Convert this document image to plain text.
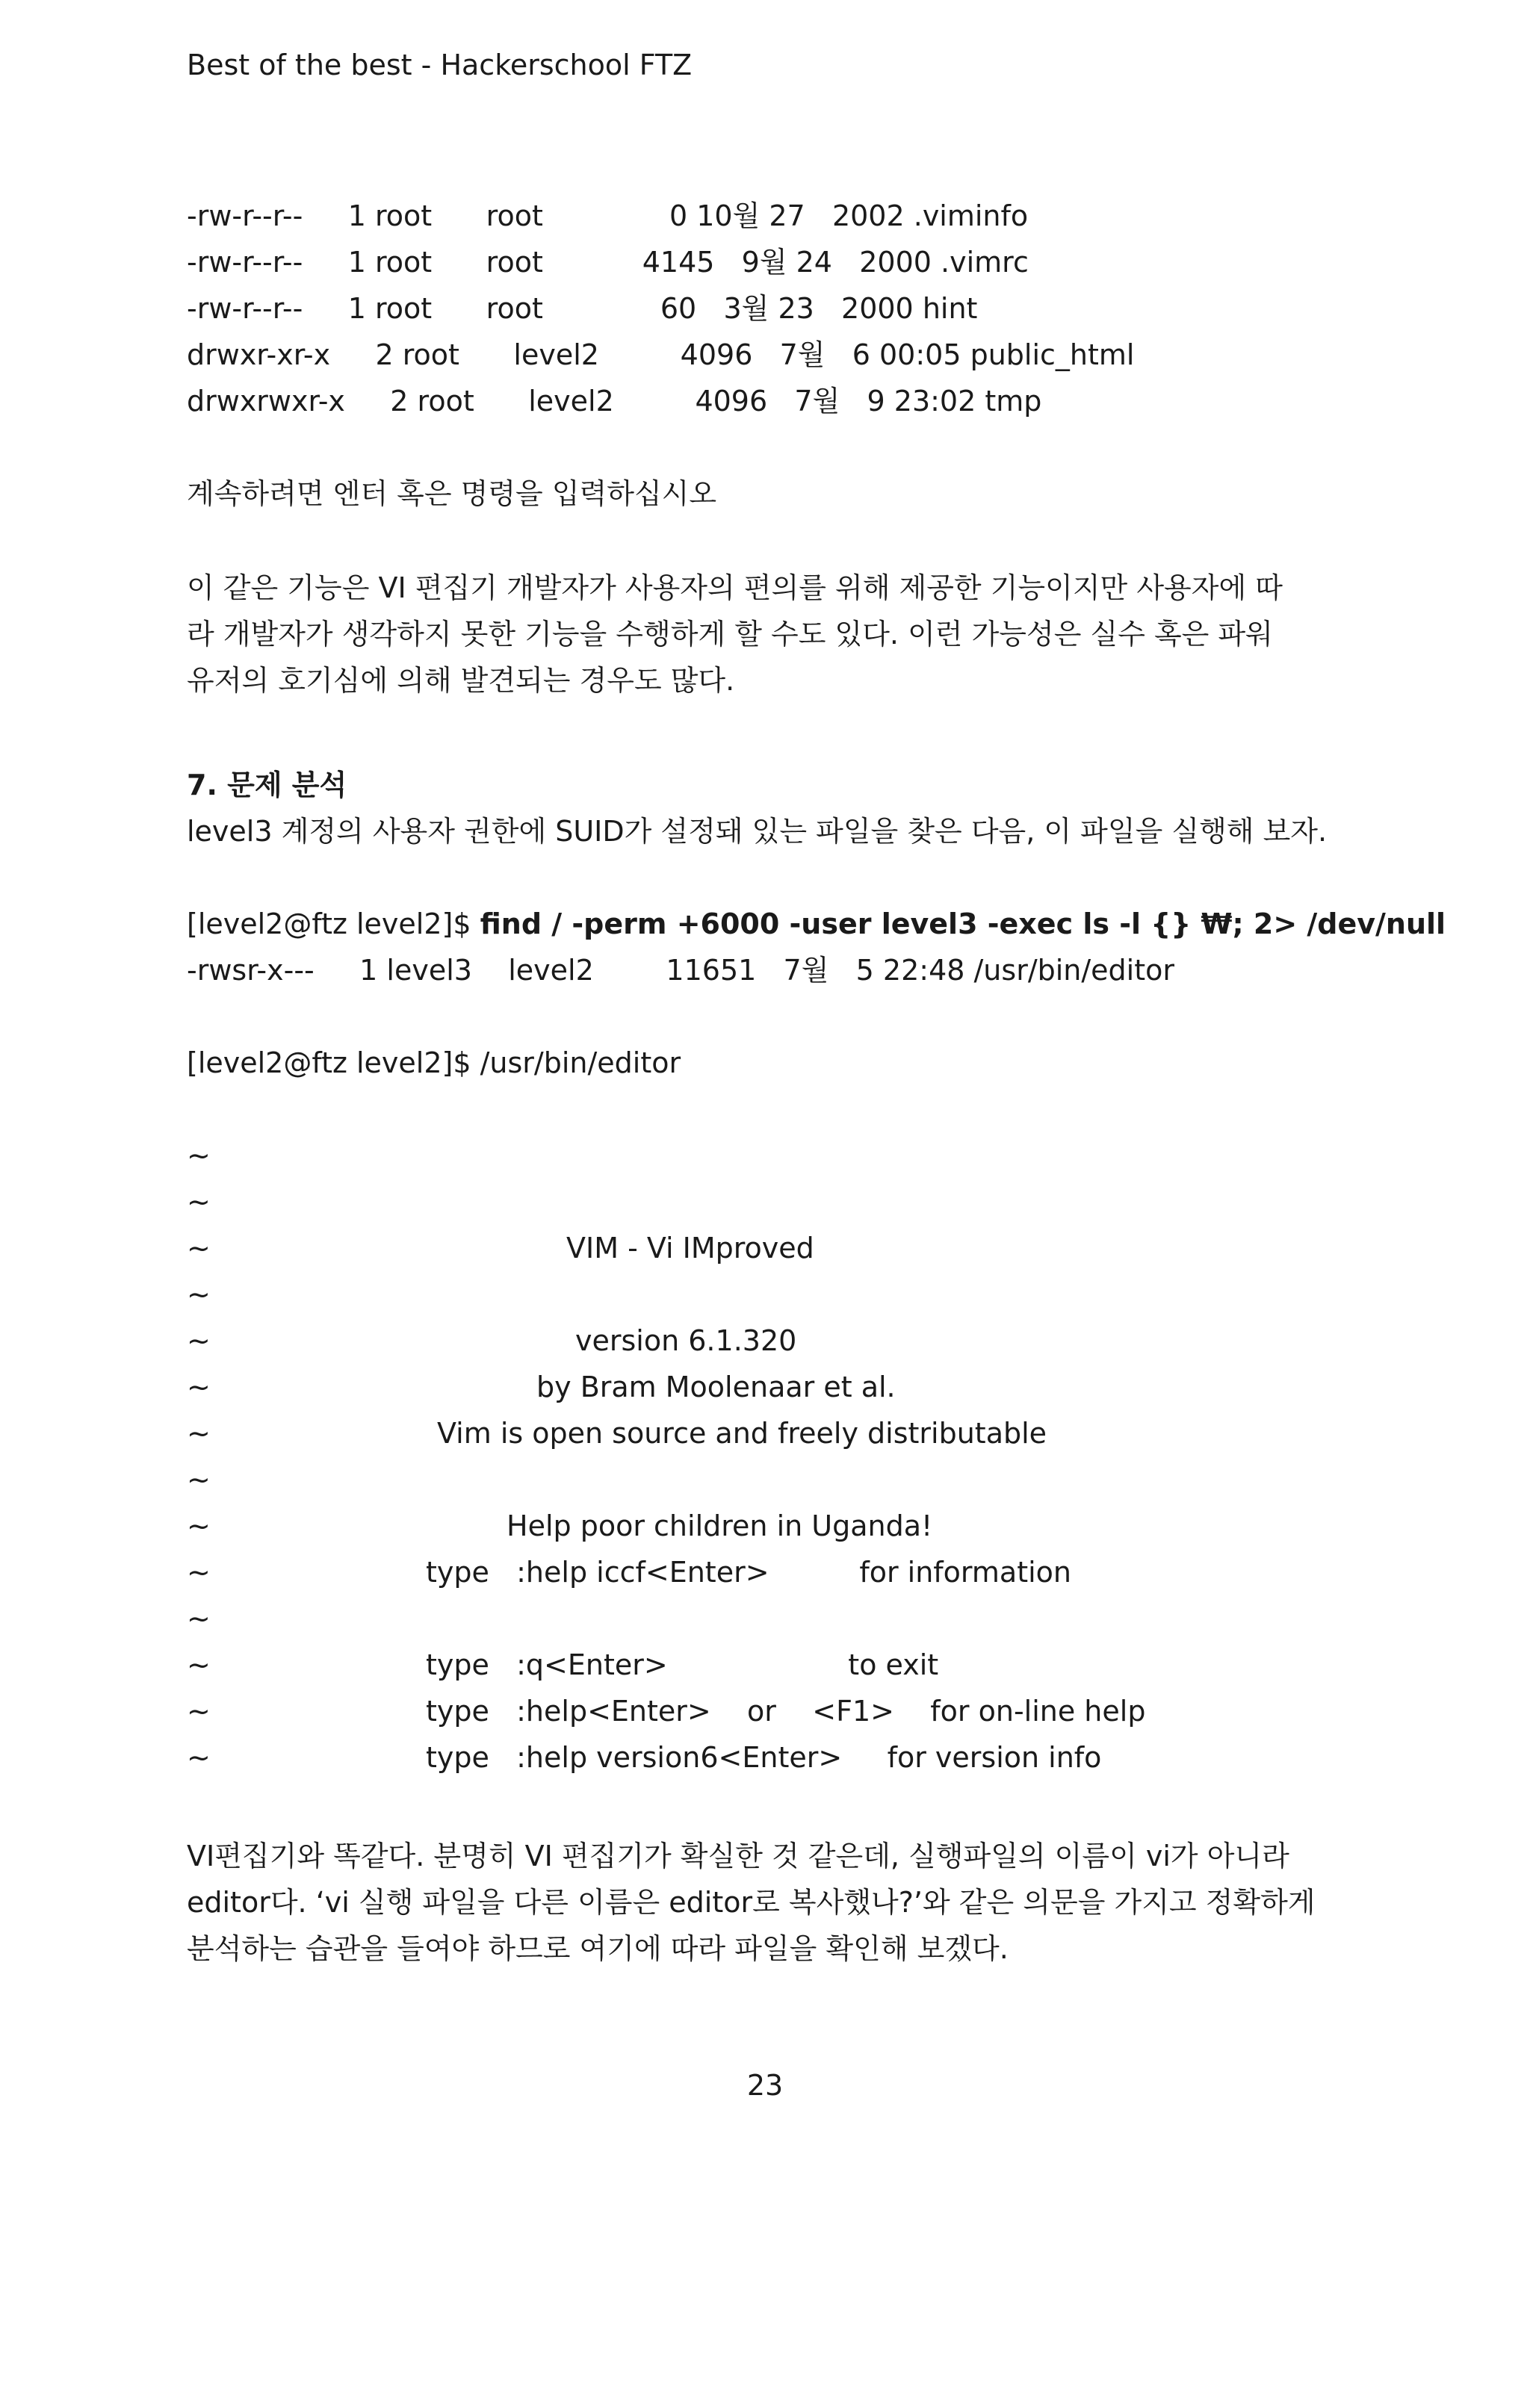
Best of the best - Hackerschool FTZ

-rw-r--r--     1 root      root              0 10월 27   2002 .viminfo

-rw-r--r--     1 root      root           4145   9월 24   2000 .vimrc

-rw-r--r--     1 root      root             60   3월 23   2000 hint

drwxr-xr-x     2 root      level2         4096   7월   6 00:05 public_html

drwxrwxr-x     2 root      level2         4096   7월   9 23:02 tmp

계속하려면 엔터 혹은 명령을 입력하십시오

이 같은 기능은 VI 편집기 개발자가 사용자의 편의를 위해 제공한 기능이지만 사용자에 따

라 개발자가 생각하지 못한 기능을 수행하게 할 수도 있다. 이런 가능성은 실수 혹은 파워

유저의 호기심에 의해 발견되는 경우도 많다.

7. 문제 분석

level3 계정의 사용자 권한에 SUID가 설정돼 있는 파일을 찾은 다음, 이 파일을 실행해 보자.

[level2@ftz level2]$ find / -perm +6000 -user level3 -exec ls -l {} ₩; 2> /dev/null

-rwsr-x---     1 level3    level2        11651   7월   5 22:48 /usr/bin/editor

[level2@ftz level2]$ /usr/bin/editor

~

~

~

	VIM - Vi IMproved

~

~

	version 6.1.320

~

	by Bram Moolenaar et al.

~

	Vim is open source and freely distributable

~

~

	Help poor children in Uganda!

~

	type   :help iccf<Enter>          for information

~

~

	type   :q<Enter>                    to exit

~

	type   :help<Enter>    or    <F1>    for on-line help

~

	type   :help version6<Enter>     for version info

VI편집기와 똑같다. 분명히 VI 편집기가 확실한 것 같은데, 실행파일의 이름이 vi가 아니라

editor다. ‘vi 실행 파일을 다른 이름은 editor로 복사했나?’와 같은 의문을 가지고 정확하게

분석하는 습관을 들여야 하므로 여기에 따라 파일을 확인해 보겠다.

23
